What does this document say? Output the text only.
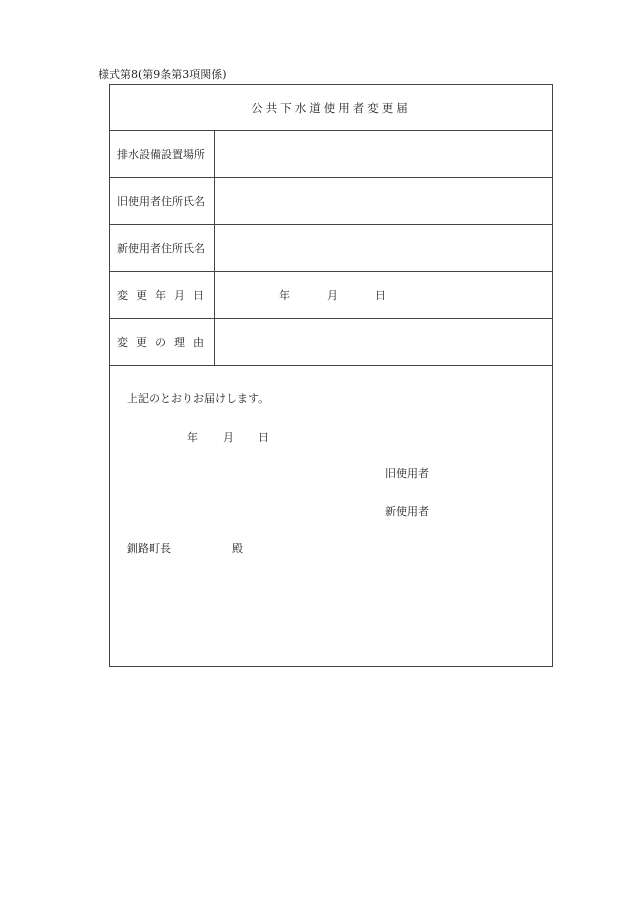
様式第8(第9条第3項関係)
公共下水道使用者変更届
排水設備設置場所
旧使用者住所氏名
新使用者住所氏名
変更年月日	年	月	日
変更の理由
上記のとおりお届けします。
年 月 日
旧使用者
新使用者
釧路町長	殿
